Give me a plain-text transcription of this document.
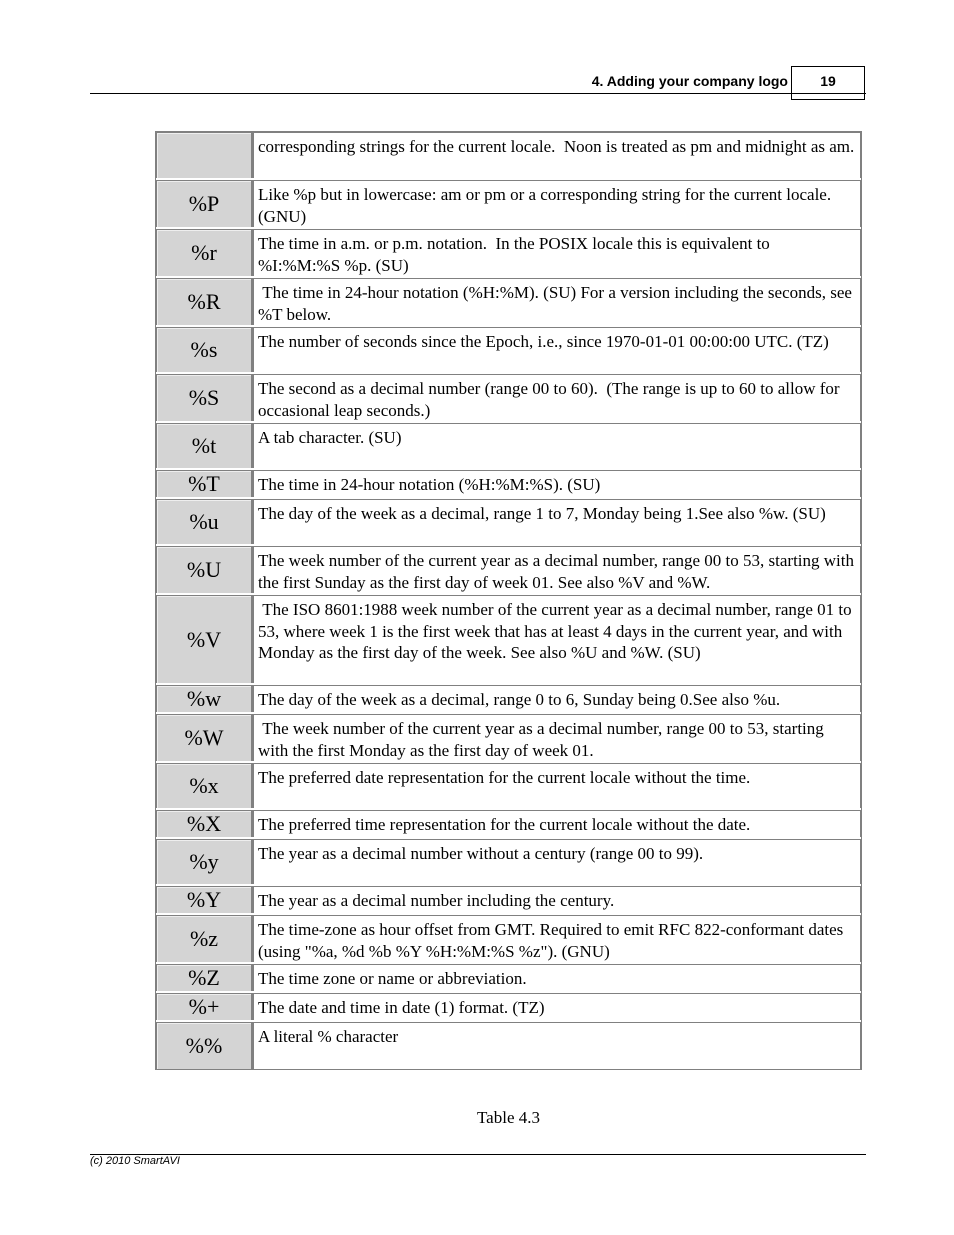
4. Adding your company logo	19
	corresponding strings for the current locale.  Noon is treated as pm and midnight as am.

%P	Like %p but in lowercase: am or pm or a corresponding string for the current locale. (GNU)

%r	The time in a.m. or p.m. notation.  In the POSIX locale this is equivalent to %I:%M:%S %p. (SU)

%R	The time in 24-hour notation (%H:%M). (SU) For a version including the seconds, see %T below.

%s	The number of seconds since the Epoch, i.e., since 1970-01-01 00:00:00 UTC. (TZ)

%S	The second as a decimal number (range 00 to 60).  (The range is up to 60 to allow for occasional leap seconds.)

%t	A tab character. (SU)

%T	The time in 24-hour notation (%H:%M:%S). (SU)

%u	The day of the week as a decimal, range 1 to 7, Monday being 1.See also %w. (SU)

%U	The week number of the current year as a decimal number, range 00 to 53, starting with the first Sunday as the first day of week 01. See also %V and %W.

%V	The ISO 8601:1988 week number of the current year as a decimal number, range 01 to 53, where week 1 is the first week that has at least 4 days in the current year, and with Monday as the first day of the week. See also %U and %W. (SU)

%w	The day of the week as a decimal, range 0 to 6, Sunday being 0.See also %u.

%W	The week number of the current year as a decimal number, range 00 to 53, starting with the first Monday as the first day of week 01.

%x	The preferred date representation for the current locale without the time.

%X	The preferred time representation for the current locale without the date.

%y	The year as a decimal number without a century (range 00 to 99).

%Y	The year as a decimal number including the century.

%z	The time-zone as hour offset from GMT. Required to emit RFC 822-conformant dates (using "%a, %d %b %Y %H:%M:%S %z"). (GNU)

%Z	The time zone or name or abbreviation.

%+	The date and time in date (1) format. (TZ)

%%	A literal % character
Table 4.3
(c) 2010 SmartAVI
